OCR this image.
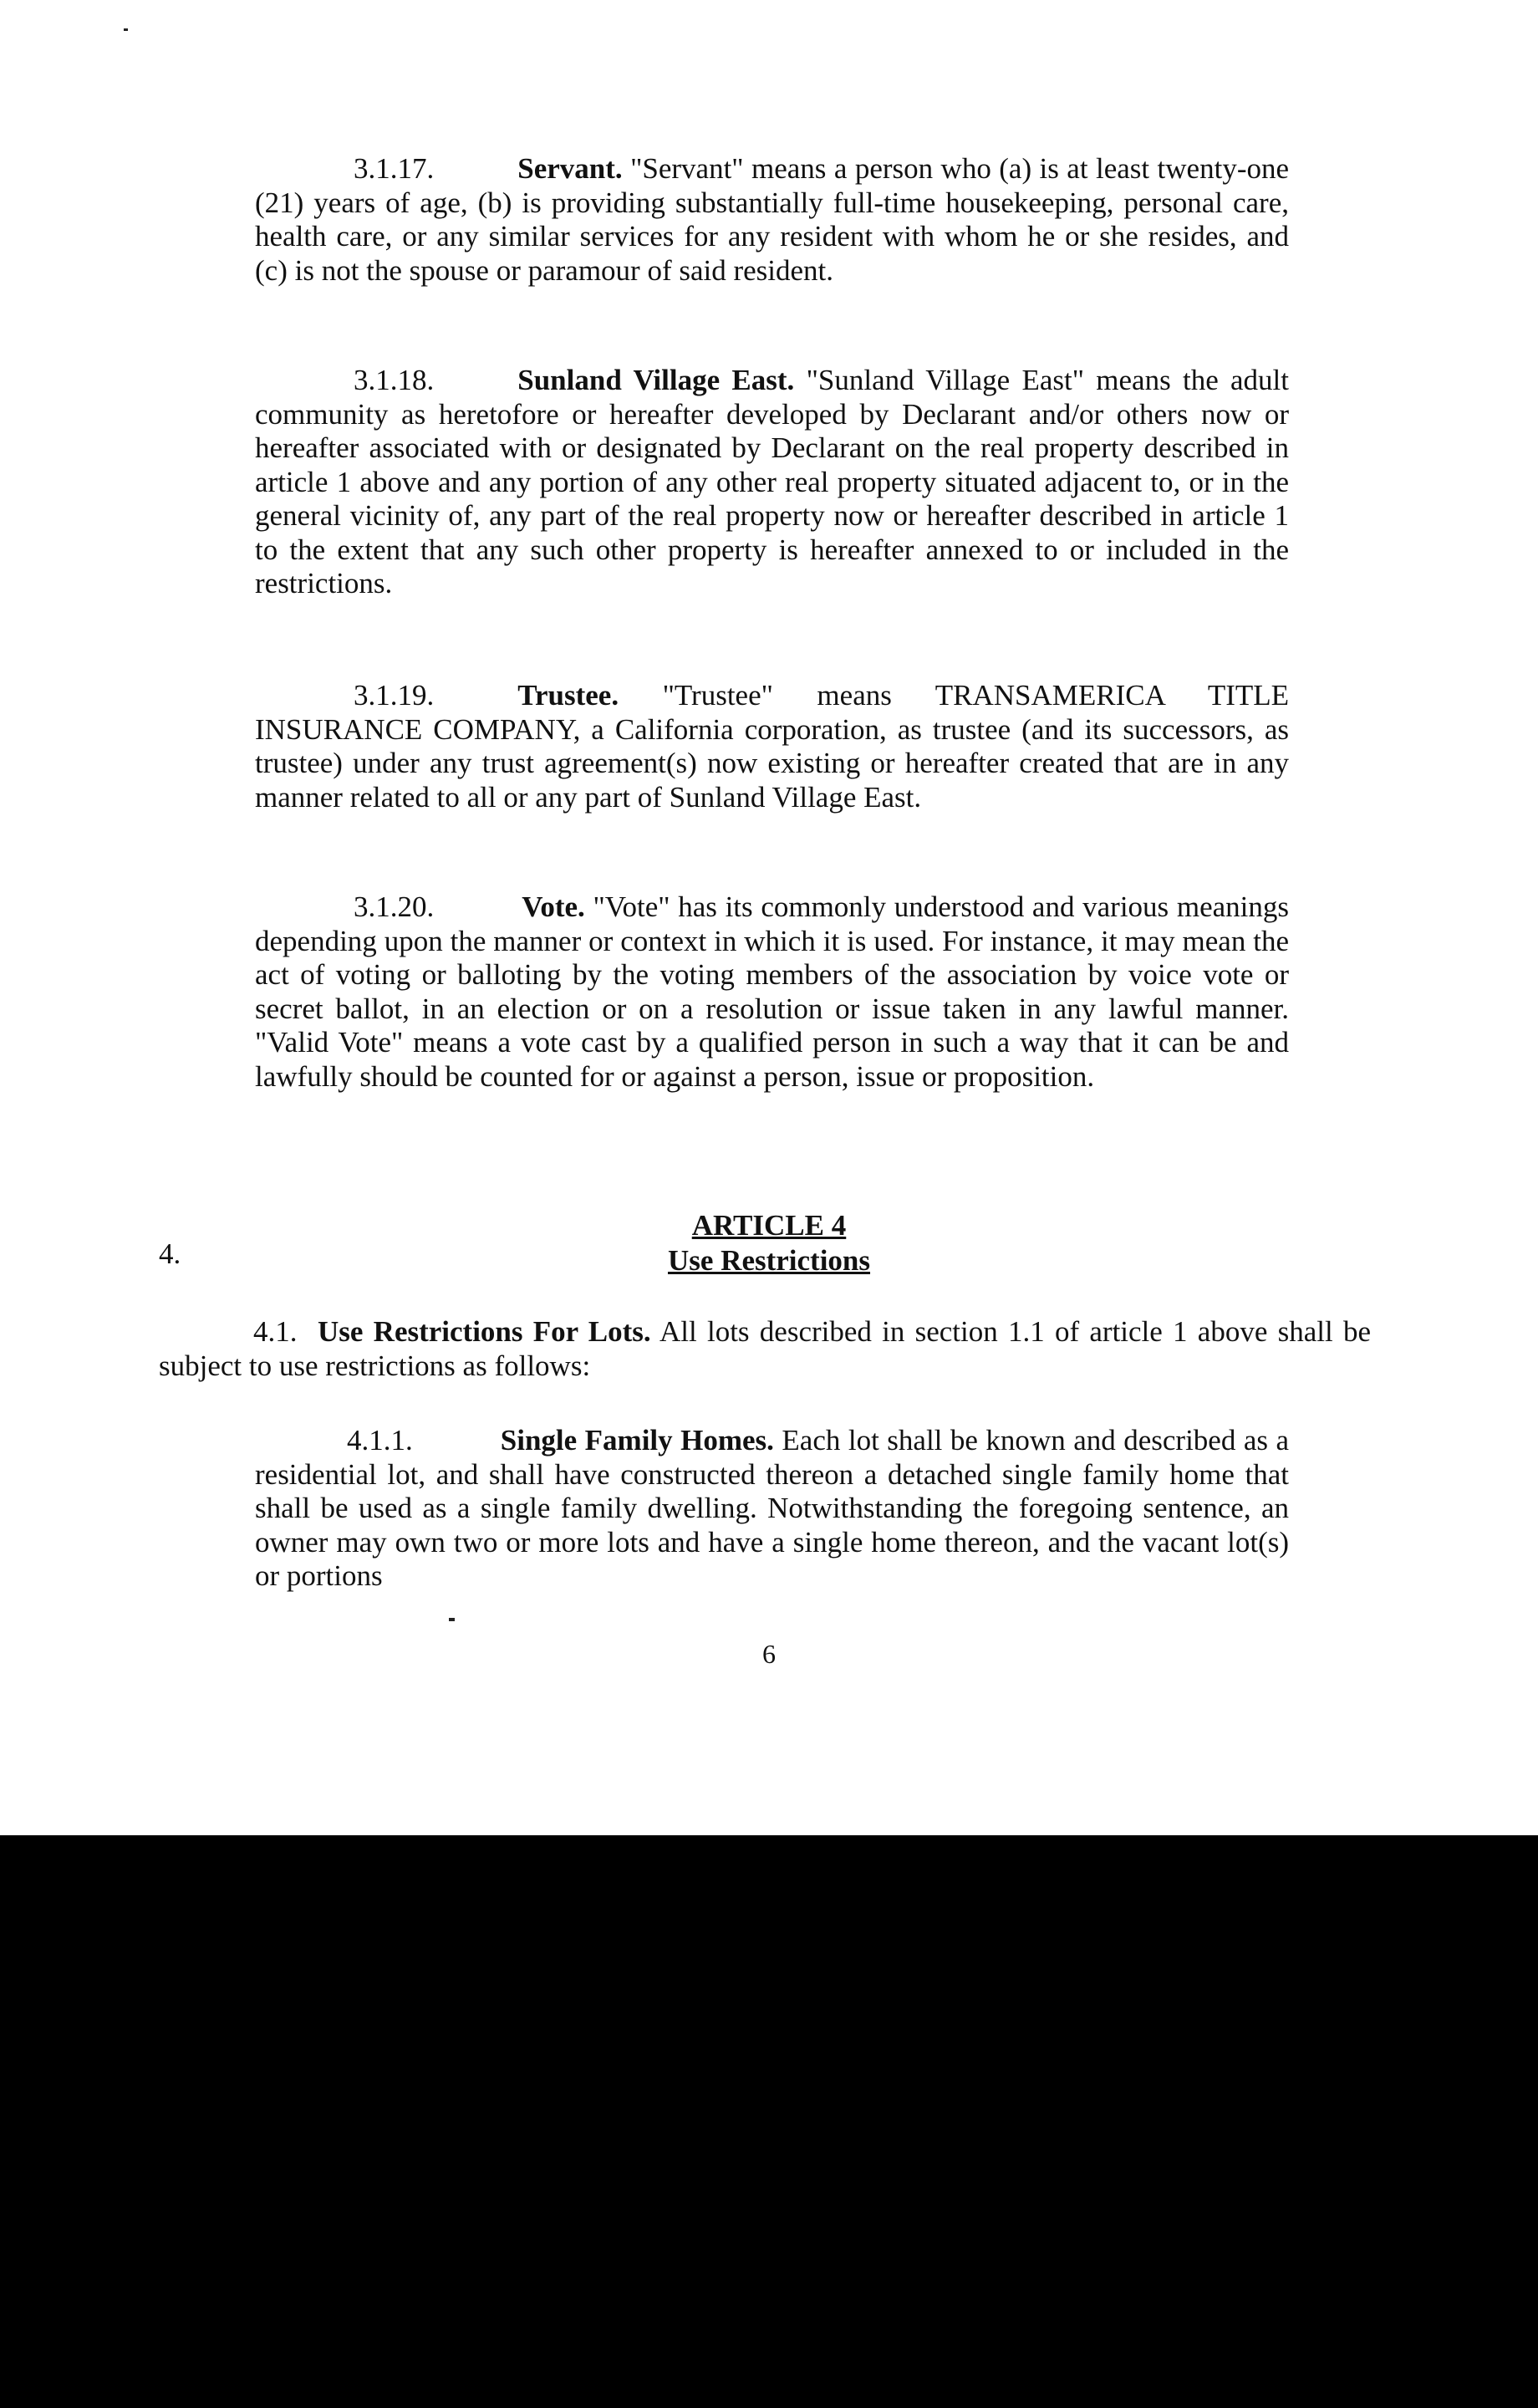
3.1.17.	Servant. "Servant" means a person who (a) is at least twenty-one (21) years of age, (b) is providing substantially full-time housekeeping, personal care, health care, or any similar services for any resident with whom he or she resides, and (c) is not the spouse or paramour of said resident.

3.1.18.	Sunland Village East. "Sunland Village East" means the adult community as heretofore or hereafter developed by Declarant and/or others now or hereafter associated with or designated by Declarant on the real property described in article 1 above and any portion of any other real property situated adjacent to, or in the general vicinity of, any part of the real property now or hereafter described in article 1 to the extent that any such other property is hereafter annexed to or included in the restrictions.

3.1.19.	Trustee. "Trustee" means TRANSAMERICA TITLE INSURANCE COMPANY, a California corporation, as trustee (and its successors, as trustee) under any trust agreement(s) now existing or hereafter created that are in any manner related to all or any part of Sunland Village East.

3.1.20.	Vote. "Vote" has its commonly understood and various meanings depending upon the manner or context in which it is used. For instance, it may mean the act of voting or balloting by the voting members of the association by voice vote or secret ballot, in an election or on a resolution or issue taken in any lawful manner. "Valid Vote" means a vote cast by a qualified person in such a way that it can be and lawfully should be counted for or against a person, issue or proposition.

ARTICLE 4
Use Restrictions
4.

4.1. Use Restrictions For Lots. All lots described in section 1.1 of article 1 above shall be subject to use restrictions as follows:

4.1.1.	Single Family Homes. Each lot shall be known and described as a residential lot, and shall have constructed thereon a detached single family home that shall be used as a single family dwelling. Notwithstanding the foregoing sentence, an owner may own two or more lots and have a single home thereon, and the vacant lot(s) or portions

6
